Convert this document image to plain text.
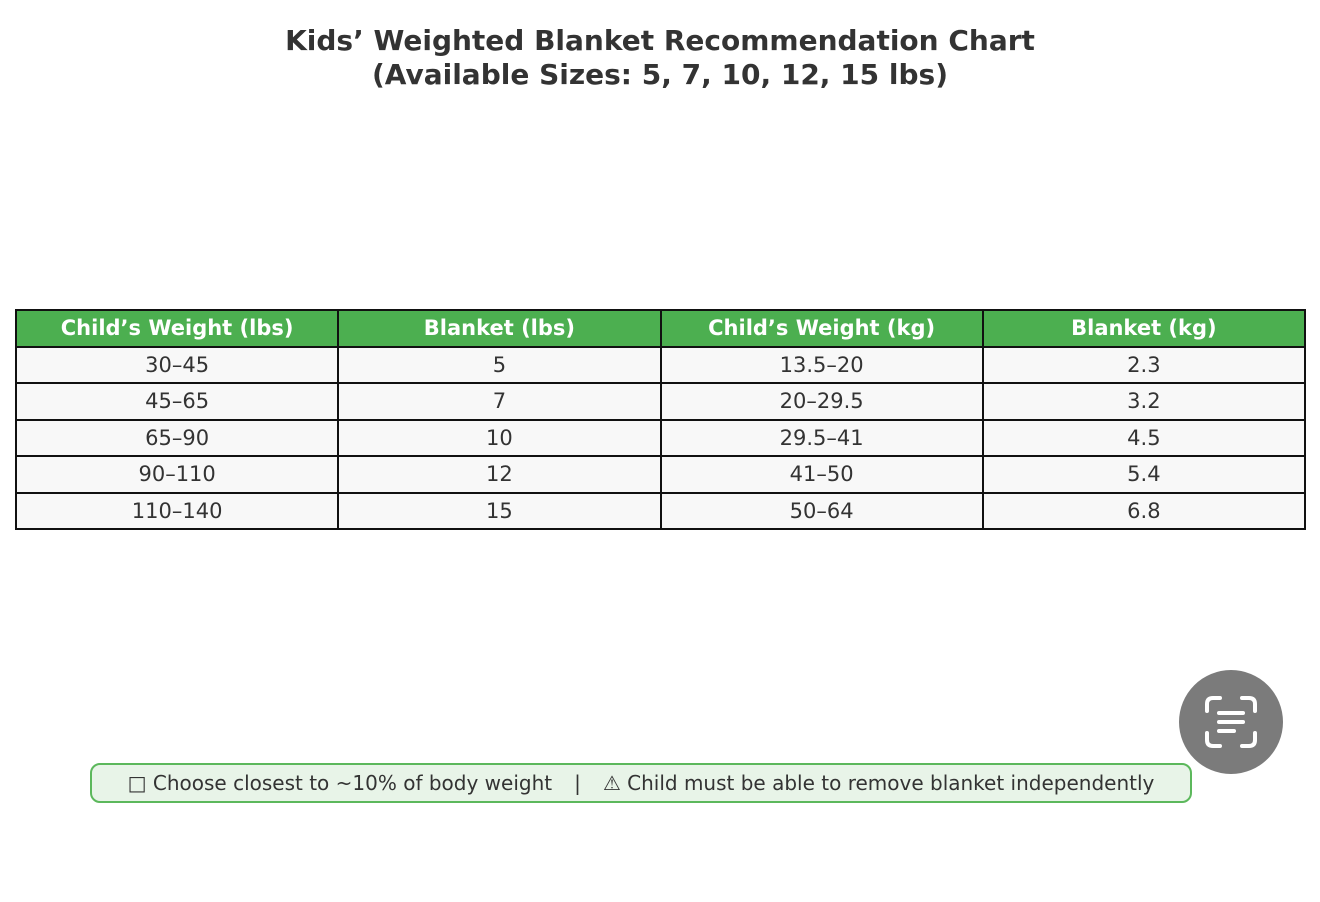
Kids’ Weighted Blanket Recommendation Chart
(Available Sizes: 5, 7, 10, 12, 15 lbs)
Child’s Weight (lbs)	Blanket (lbs)	Child’s Weight (kg)	Blanket (kg)
30–45	5	13.5–20	2.3
45–65	7	20–29.5	3.2
65–90	10	29.5–41	4.5
90–110	12	41–50	5.4
110–140	15	50–64	6.8
□
Choose closest to ~10% of body weight | ⚠
Child must be able to remove blanket independently
